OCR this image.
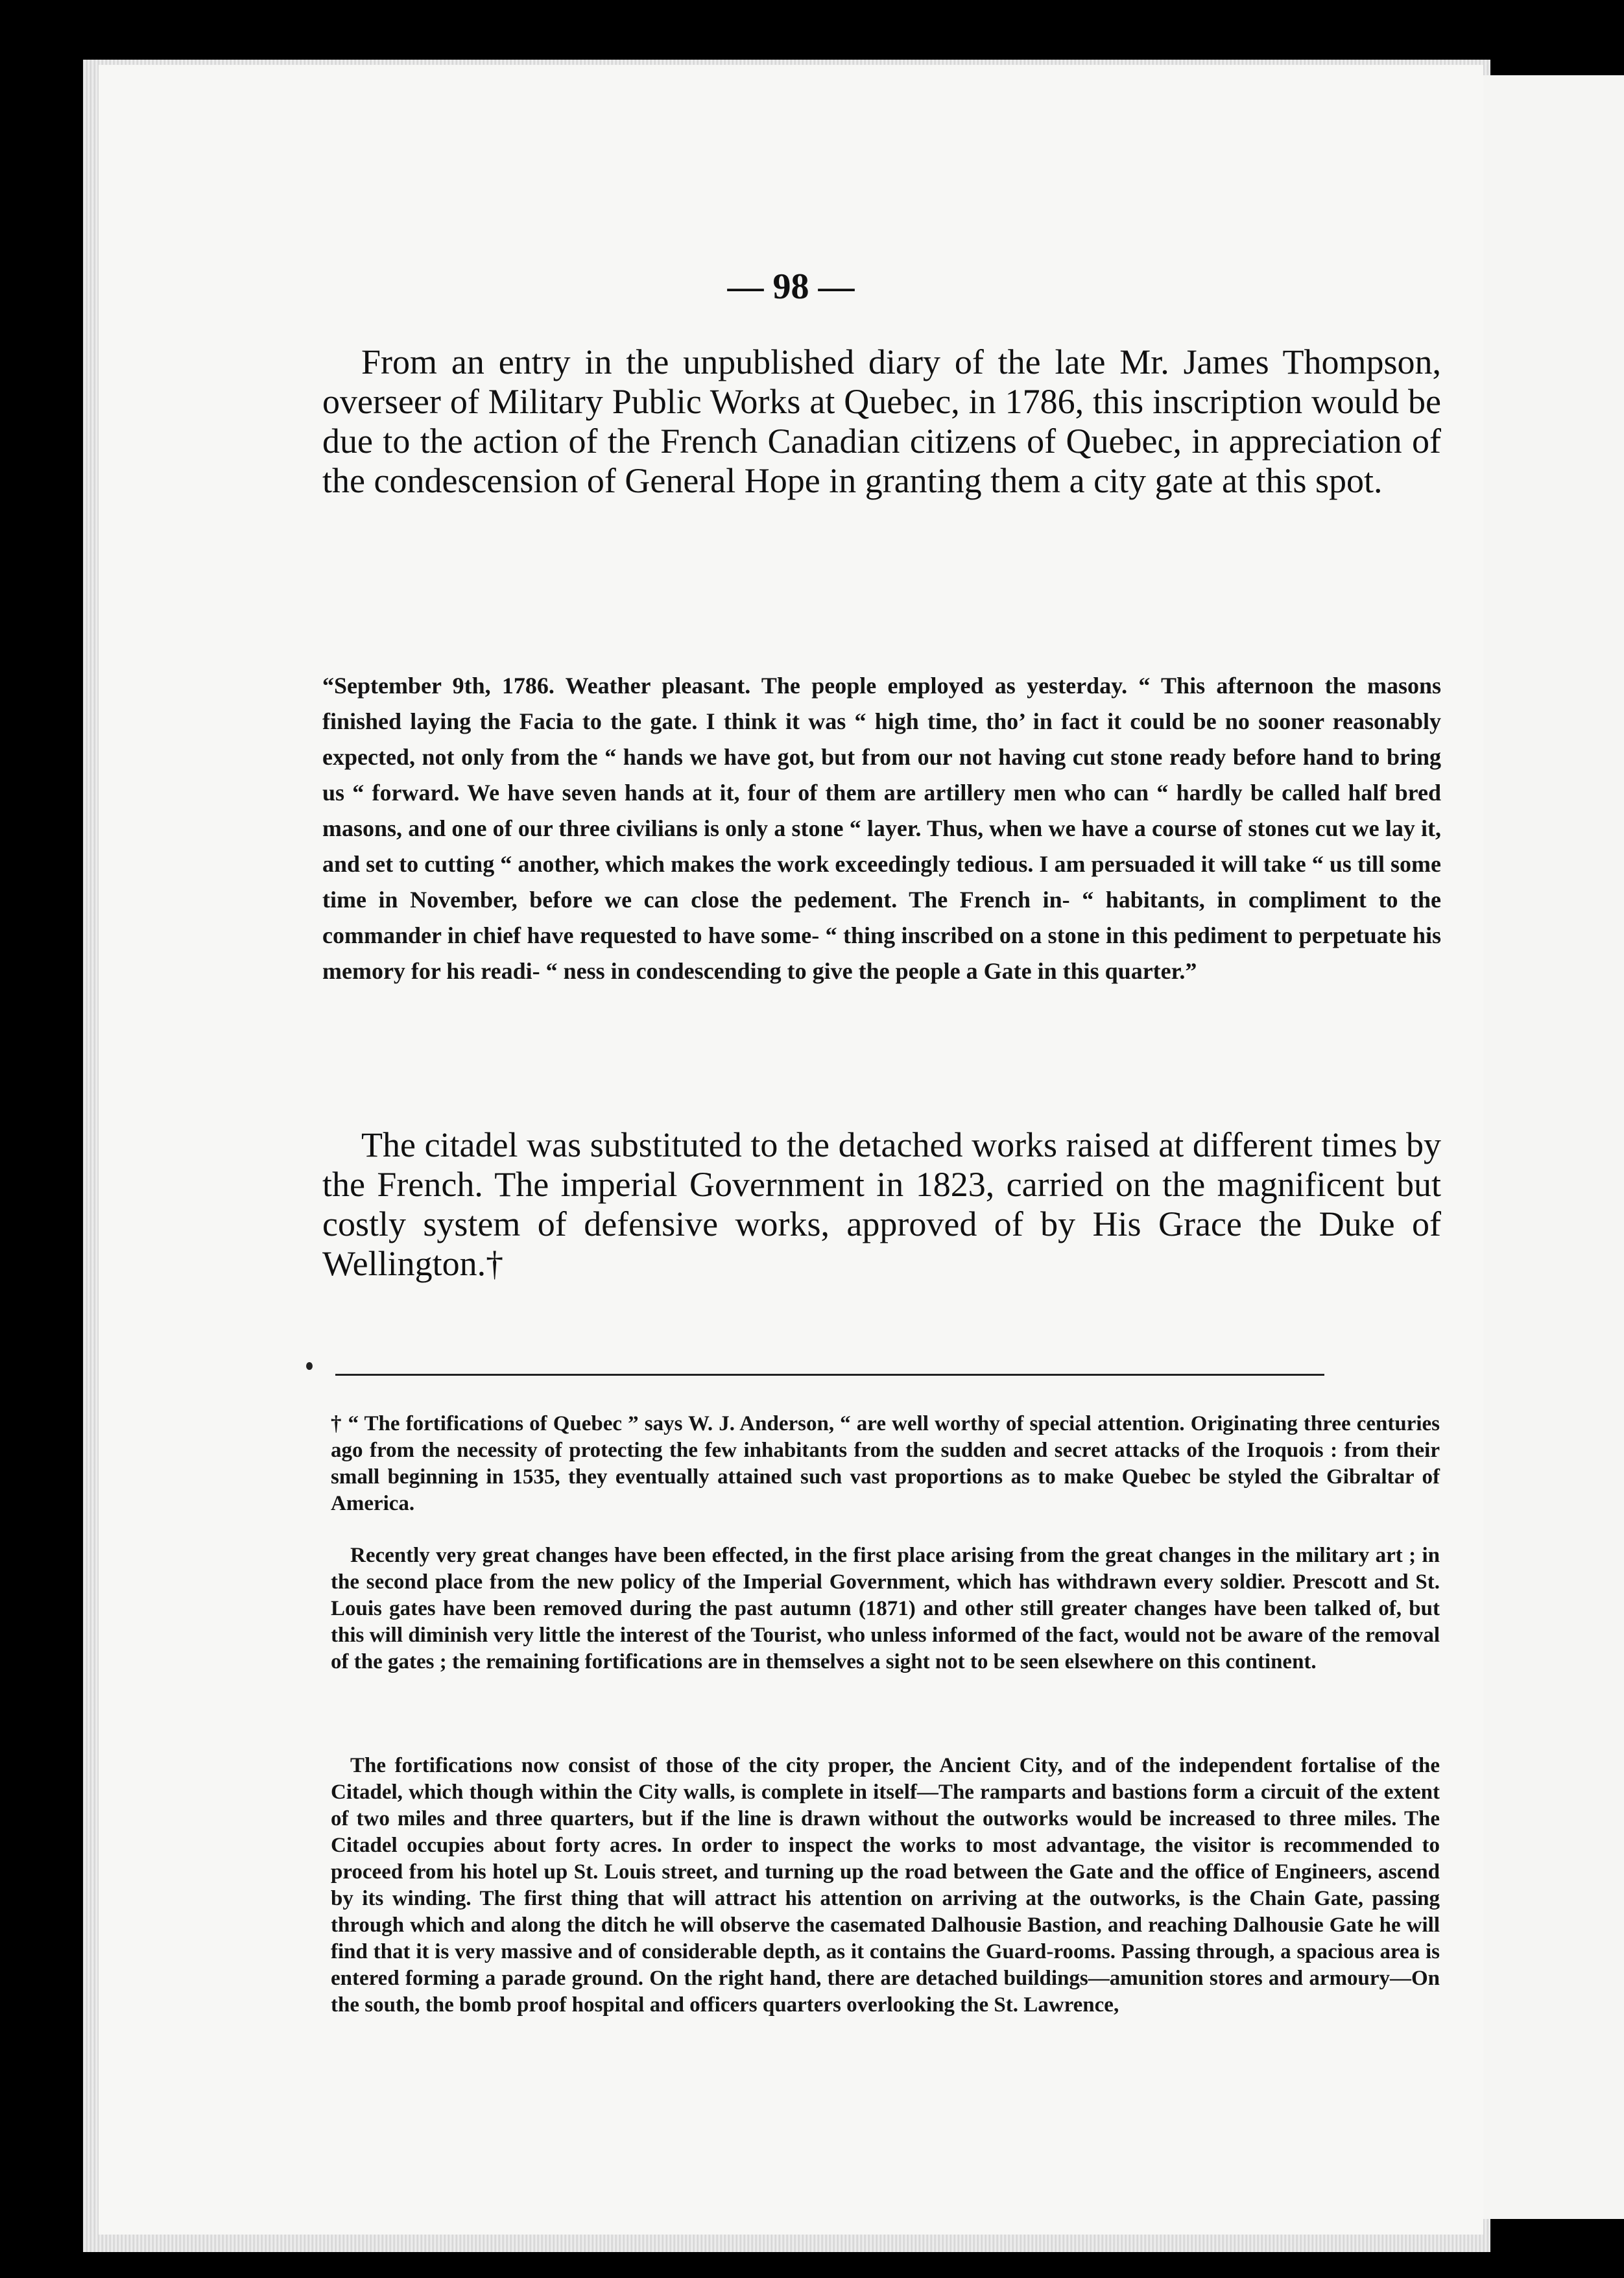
— 98 —

From an entry in the unpublished diary of the late Mr. James Thompson, overseer of Military Public Works at Quebec, in 1786, this inscription would be due to the action of the French Canadian citizens of Quebec, in appreciation of the condescension of General Hope in granting them a city gate at this spot.

“September 9th, 1786. Weather pleasant. The people employed as yesterday. “ This afternoon the masons finished laying the Facia to the gate. I think it was “ high time, tho’ in fact it could be no sooner reasonably expected, not only from the “ hands we have got, but from our not having cut stone ready before hand to bring us “ forward. We have seven hands at it, four of them are artillery men who can “ hardly be called half bred masons, and one of our three civilians is only a stone “ layer. Thus, when we have a course of stones cut we lay it, and set to cutting “ another, which makes the work exceedingly tedious. I am persuaded it will take “ us till some time in November, before we can close the pedement. The French in- “ habitants, in compliment to the commander in chief have requested to have some- “ thing inscribed on a stone in this pediment to perpetuate his memory for his readi- “ ness in condescending to give the people a Gate in this quarter.”

The citadel was substituted to the detached works raised at different times by the French. The imperial Government in 1823, carried on the magnificent but costly system of defensive works, approved of by His Grace the Duke of Wellington.†

† “ The fortifications of Quebec ” says W. J. Anderson, “ are well worthy of special attention. Originating three centuries ago from the necessity of protecting the few inhabitants from the sudden and secret attacks of the Iroquois : from their small beginning in 1535, they eventually attained such vast proportions as to make Quebec be styled the Gibraltar of America.

Recently very great changes have been effected, in the first place arising from the great changes in the military art ; in the second place from the new policy of the Imperial Government, which has withdrawn every soldier. Prescott and St. Louis gates have been removed during the past autumn (1871) and other still greater changes have been talked of, but this will diminish very little the interest of the Tourist, who unless informed of the fact, would not be aware of the removal of the gates ; the remaining fortifications are in themselves a sight not to be seen elsewhere on this continent.

The fortifications now consist of those of the city proper, the Ancient City, and of the independent fortalise of the Citadel, which though within the City walls, is complete in itself—The ramparts and bastions form a circuit of the extent of two miles and three quarters, but if the line is drawn without the outworks would be increased to three miles. The Citadel occupies about forty acres. In order to inspect the works to most advantage, the visitor is recommended to proceed from his hotel up St. Louis street, and turning up the road between the Gate and the office of Engineers, ascend by its winding. The first thing that will attract his attention on arriving at the outworks, is the Chain Gate, passing through which and along the ditch he will observe the casemated Dalhousie Bastion, and reaching Dalhousie Gate he will find that it is very massive and of considerable depth, as it contains the Guard-rooms. Passing through, a spacious area is entered forming a parade ground. On the right hand, there are detached buildings—amunition stores and armoury—On the south, the bomb proof hospital and officers quarters overlooking the St. Lawrence,
